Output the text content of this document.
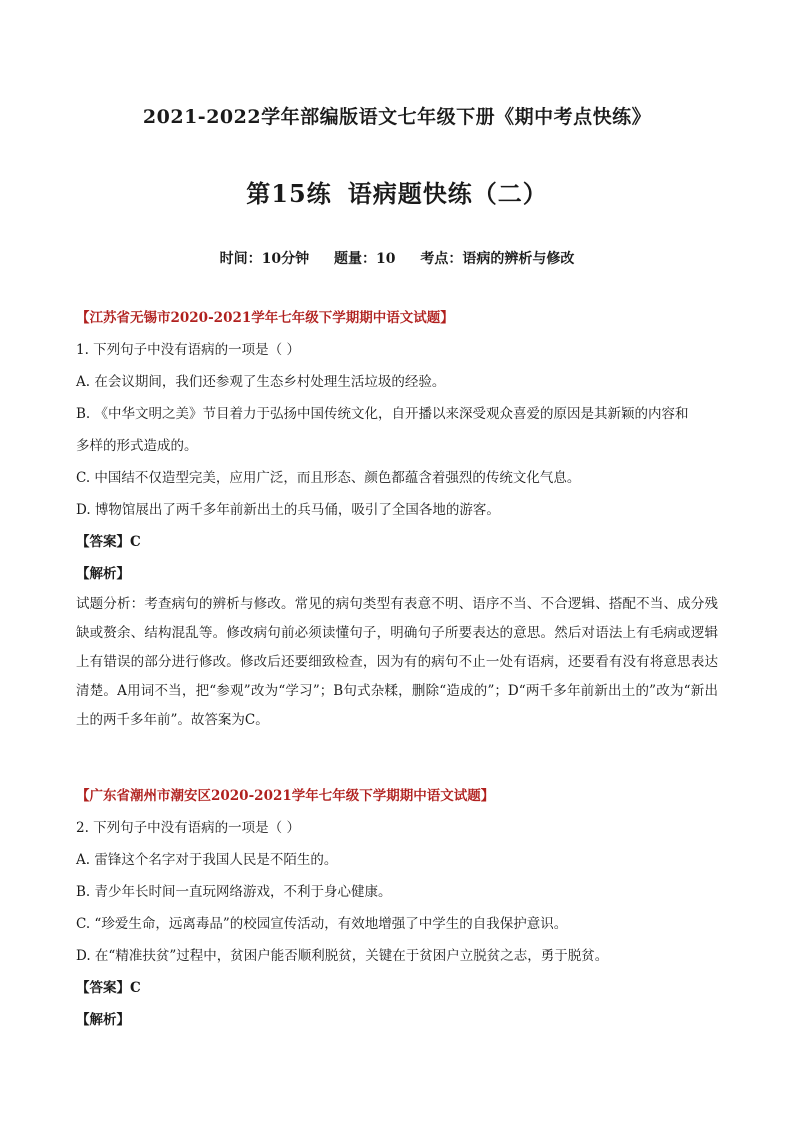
2021-2022学年部编版语文七年级下册《期中考点快练》
第15练 语病题快练（二）
时间：10分钟 题量：10 考点：语病的辨析与修改
【江苏省无锡市2020-2021学年七年级下学期期中语文试题】
1. 下列句子中没有语病的一项是（ ）
A. 在会议期间，我们还参观了生态乡村处理生活垃圾的经验。
B. 《中华文明之美》节目着力于弘扬中国传统文化，自开播以来深受观众喜爱的原因是其新颖的内容和
多样的形式造成的。
C. 中国结不仅造型完美，应用广泛，而且形态、颜色都蕴含着强烈的传统文化气息。
D. 博物馆展出了两千多年前新出土的兵马俑，吸引了全国各地的游客。
【答案】C
【解析】
试题分析：考查病句的辨析与修改。常见的病句类型有表意不明、语序不当、不合逻辑、搭配不当、成分残缺或赘余、结构混乱等。修改病句前必须读懂句子，明确句子所要表达的意思。然后对语法上有毛病或逻辑上有错误的部分进行修改。修改后还要细致检查，因为有的病句不止一处有语病，还要看有没有将意思表达清楚。A用词不当，把“参观”改为“学习”；B句式杂糅，删除“造成的”；D“两千多年前新出土的”改为“新出土的两千多年前”。故答案为C。
【广东省潮州市潮安区2020-2021学年七年级下学期期中语文试题】
2. 下列句子中没有语病的一项是（ ）
A. 雷锋这个名字对于我国人民是不陌生的。
B. 青少年长时间一直玩网络游戏，不利于身心健康。
C. “珍爱生命，远离毒品”的校园宣传活动，有效地增强了中学生的自我保护意识。
D. 在“精准扶贫”过程中，贫困户能否顺利脱贫，关键在于贫困户立脱贫之志，勇于脱贫。
【答案】C
【解析】
